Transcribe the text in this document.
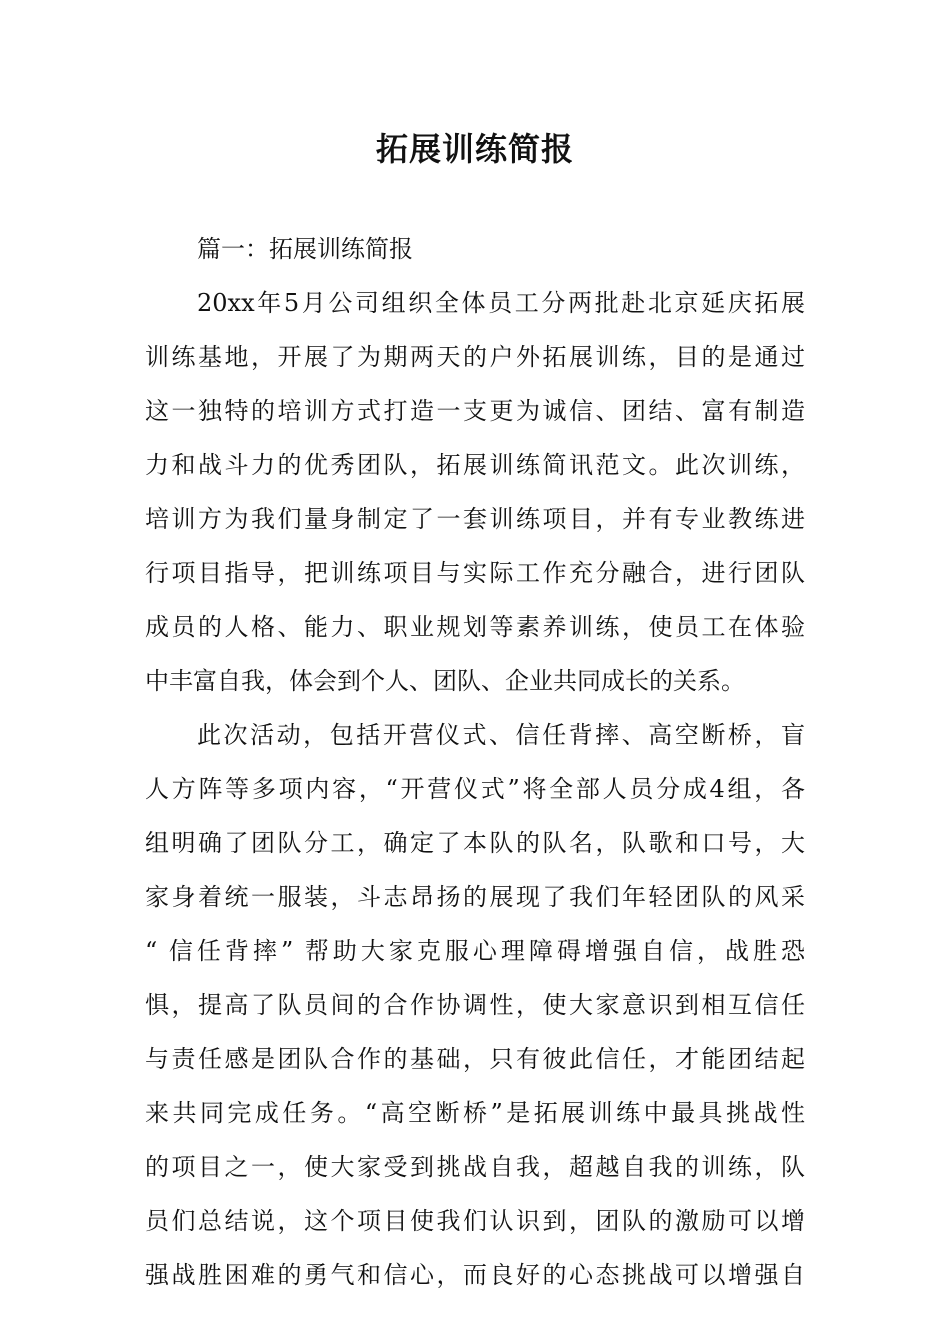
拓展训练简报
篇一：拓展训练简报
20xx年5月公司组织全体员工分两批赴北京延庆拓展
训练基地，开展了为期两天的户外拓展训练，目的是通过
这一独特的培训方式打造一支更为诚信、团结、富有制造
力和战斗力的优秀团队，拓展训练简讯范文。此次训练，
培训方为我们量身制定了一套训练项目，并有专业教练进
行项目指导，把训练项目与实际工作充分融合，进行团队
成员的人格、能力、职业规划等素养训练，使员工在体验
中丰富自我，体会到个人、团队、企业共同成长的关系。
此次活动，包括开营仪式、信任背摔、高空断桥，盲
人方阵等多项内容，“开营仪式”将全部人员分成4组，各
组明确了团队分工，确定了本队的队名，队歌和口号，大
家身着统一服装，斗志昂扬的展现了我们年轻团队的风采
“ 信任背摔” 帮助大家克服心理障碍增强自信，战胜恐
惧，提高了队员间的合作协调性，使大家意识到相互信任
与责任感是团队合作的基础，只有彼此信任，才能团结起
来共同完成任务。“高空断桥”是拓展训练中最具挑战性
的项目之一，使大家受到挑战自我，超越自我的训练，队
员们总结说，这个项目使我们认识到，团队的激励可以增
强战胜困难的勇气和信心，而良好的心态挑战可以增强自
